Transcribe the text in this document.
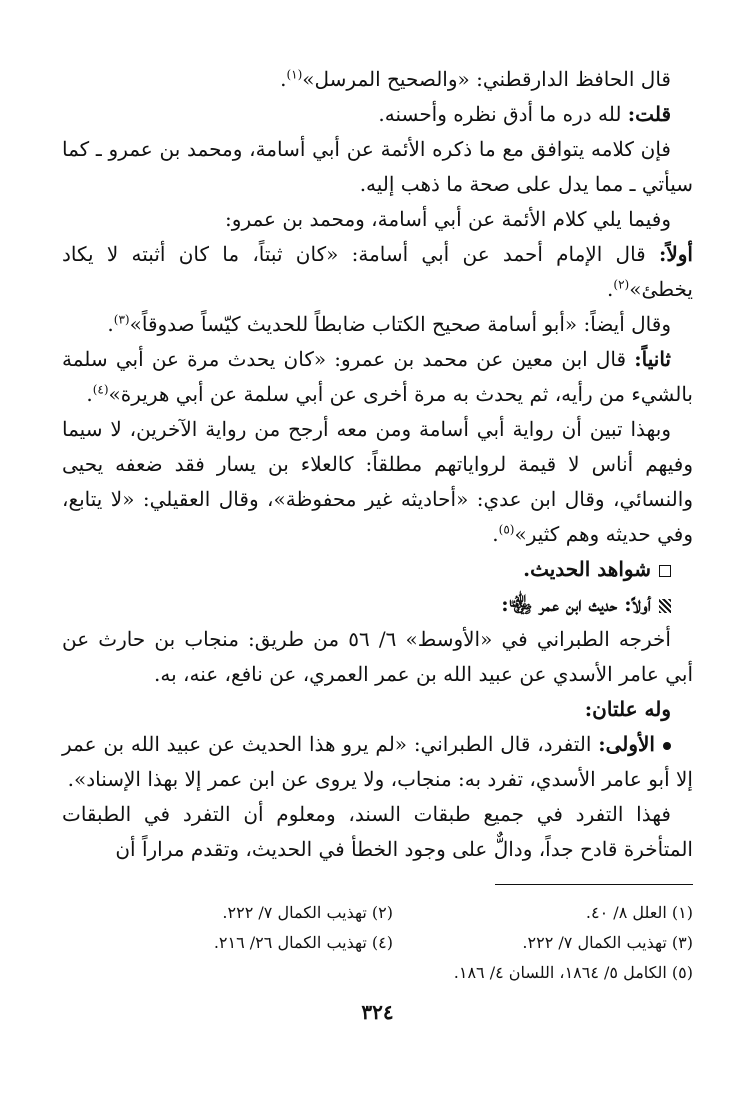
قال الحافظ الدارقطني: «والصحيح المرسل»$^{(١)}$.

قلت: لله دره ما أدق نظره وأحسنه.

فإن كلامه يتوافق مع ما ذكره الأئمة عن أبي أسامة، ومحمد بن عمرو ـ كما سيأتي ـ مما يدل على صحة ما ذهب إليه.

وفيما يلي كلام الأئمة عن أبي أسامة، ومحمد بن عمرو:

أولاً: قال الإمام أحمد عن أبي أسامة: «كان ثبتاً، ما كان أثبته لا يكاد يخطئ»$^{(٢)}$.

وقال أيضاً: «أبو أسامة صحيح الكتاب ضابطاً للحديث كيّساً صدوقاً»$^{(٣)}$.

ثانياً: قال ابن معين عن محمد بن عمرو: «كان يحدث مرة عن أبي سلمة بالشيء من رأيه، ثم يحدث به مرة أخرى عن أبي سلمة عن أبي هريرة»$^{(٤)}$.

وبهذا تبين أن رواية أبي أسامة ومن معه أرجح من رواية الآخرين، لا سيما وفيهم أناس لا قيمة لرواياتهم مطلقاً: كالعلاء بن يسار فقد ضعفه يحيى والنسائي، وقال ابن عدي: «أحاديثه غير محفوظة»، وقال العقيلي: «لا يتابع، وفي حديثه وهم كثير»$^{(٥)}$.

شواهد الحديث.

أولاً: حديث ابن عمر ﵄:

أخرجه الطبراني في «الأوسط» ٦/ ٥٦ من طريق: منجاب بن حارث عن أبي عامر الأسدي عن عبيد الله بن عمر العمري، عن نافع، عنه، به.

وله علتان:

الأولى: التفرد، قال الطبراني: «لم يرو هذا الحديث عن عبيد الله بن عمر إلا أبو عامر الأسدي، تفرد به: منجاب، ولا يروى عن ابن عمر إلا بهذا الإسناد».

فهذا التفرد في جميع طبقات السند، ومعلوم أن التفرد في الطبقات المتأخرة قادح جداً، ودالٌّ على وجود الخطأ في الحديث، وتقدم مراراً أن

(١) العلل ٨/ ٤٠.
(٢) تهذيب الكمال ٧/ ٢٢٢.
(٣) تهذيب الكمال ٧/ ٢٢٢.
(٤) تهذيب الكمال ٢٦/ ٢١٦.
(٥) الكامل ٥/ ١٨٦٤، اللسان ٤/ ١٨٦.
٣٢٤
